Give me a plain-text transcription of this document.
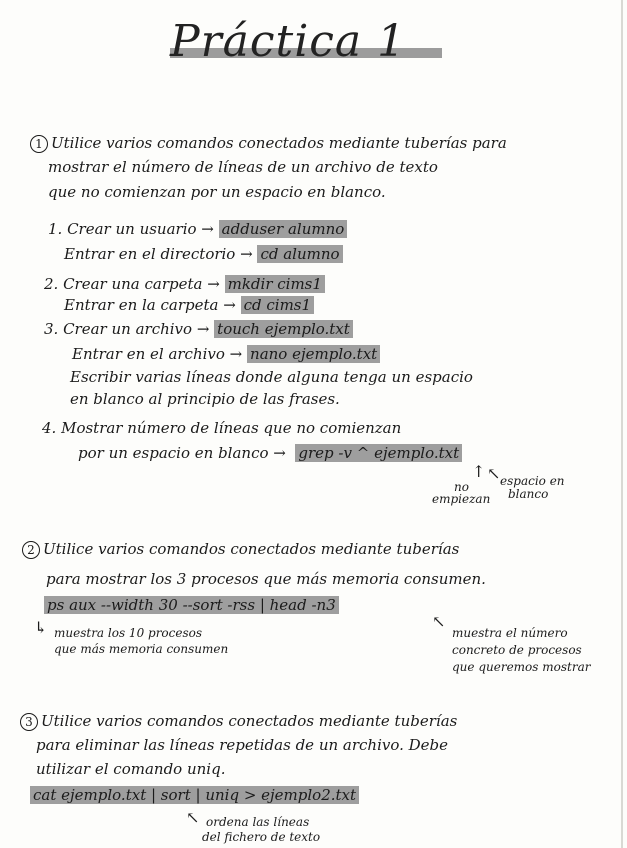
Práctica 1
1 Utilice varios comandos conectados mediante tuberías para
mostrar el número de líneas de un archivo de texto
que no comienzan por un espacio en blanco.
1. Crear un usuario → adduser alumno
Entrar en el directorio → cd alumno
2. Crear una carpeta → mkdir cims1
Entrar en la carpeta → cd cims1
3. Crear un archivo → touch ejemplo.txt
Entrar en el archivo → nano ejemplo.txt
Escribir varias líneas donde alguna tenga un espacio
en blanco al principio de las frases.
4. Mostrar número de líneas que no comienzan
por un espacio en blanco → grep -v ^ ejemplo.txt
↑ ↖
no
empiezan
espacio en
blanco
2 Utilice varios comandos conectados mediante tuberías
para mostrar los 3 procesos que más memoria consumen.
ps aux --width 30 --sort -rss | head -n3
↳ muestra los 10 procesos
que más memoria consumen
↖
muestra el número
concreto de procesos
que queremos mostrar
3 Utilice varios comandos conectados mediante tuberías
para eliminar las líneas repetidas de un archivo. Debe
utilizar el comando uniq.
cat ejemplo.txt | sort | uniq > ejemplo2.txt
↖ ordena las líneas
del fichero de texto
